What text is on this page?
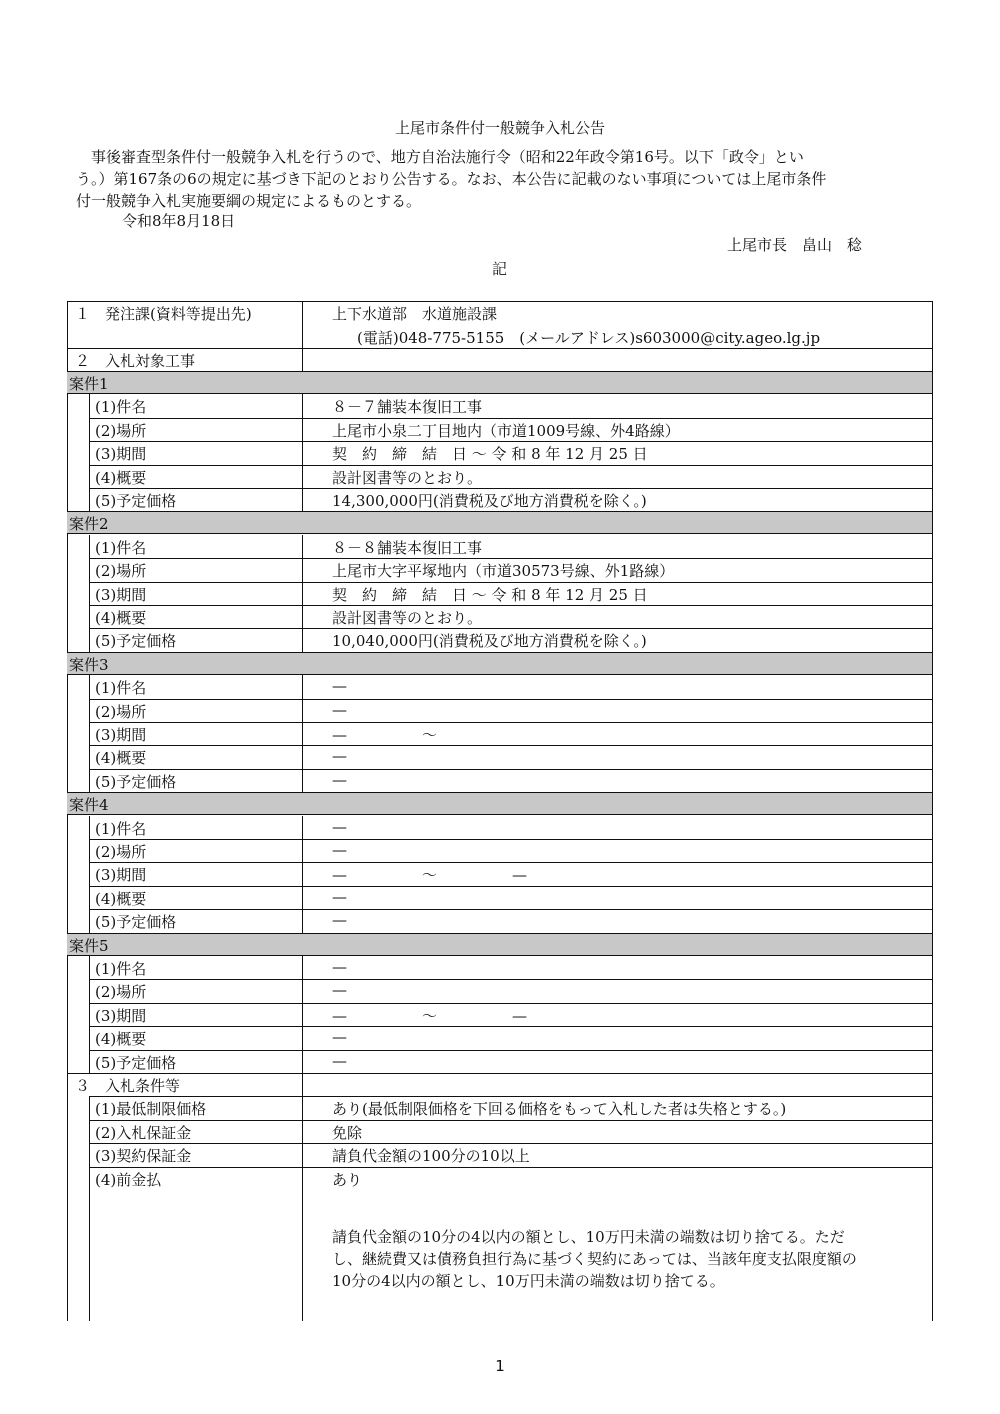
上尾市条件付一般競争入札公告
　事後審査型条件付一般競争入札を行うので、地方自治法施行令（昭和22年政令第16号。以下「政令」とい
う。）第167条の6の規定に基づき下記のとおり公告する。なお、本公告に記載のない事項については上尾市条件
付一般競争入札実施要綱の規定によるものとする。
令和8年8月18日
上尾市長　畠山　稔
記
１　発注課(資料等提出先)	上下水道部　水道施設課
(電話)048-775-5155　(メールアドレス)s603000@city.ageo.lg.jp
２　入札対象工事
案件1
(1)件名	８－７舗装本復旧工事
(2)場所	上尾市小泉二丁目地内（市道1009号線、外4路線）
(3)期間	契　約　締　結　日 ～ 令 和 8 年 12 月 25 日
(4)概要	設計図書等のとおり。
(5)予定価格	14,300,000円(消費税及び地方消費税を除く。)
案件2
(1)件名	８－８舗装本復旧工事
(2)場所	上尾市大字平塚地内（市道30573号線、外1路線）
(3)期間	契　約　締　結　日 ～ 令 和 8 年 12 月 25 日
(4)概要	設計図書等のとおり。
(5)予定価格	10,040,000円(消費税及び地方消費税を除く。)
案件3
(1)件名	—
(2)場所	—
(3)期間	—　　　　　～
(4)概要	—
(5)予定価格	—
案件4
(1)件名	—
(2)場所	—
(3)期間	—　　　　　～　　　　　—
(4)概要	—
(5)予定価格	—
案件5
(1)件名	—
(2)場所	—
(3)期間	—　　　　　～　　　　　—
(4)概要	—
(5)予定価格	—
３　入札条件等
(1)最低制限価格	あり(最低制限価格を下回る価格をもって入札した者は失格とする。)
(2)入札保証金	免除
(3)契約保証金	請負代金額の100分の10以上
(4)前金払	あり
請負代金額の10分の4以内の額とし、10万円未満の端数は切り捨てる。ただ
し、継続費又は債務負担行為に基づく契約にあっては、当該年度支払限度額の
10分の4以内の額とし、10万円未満の端数は切り捨てる。
1
